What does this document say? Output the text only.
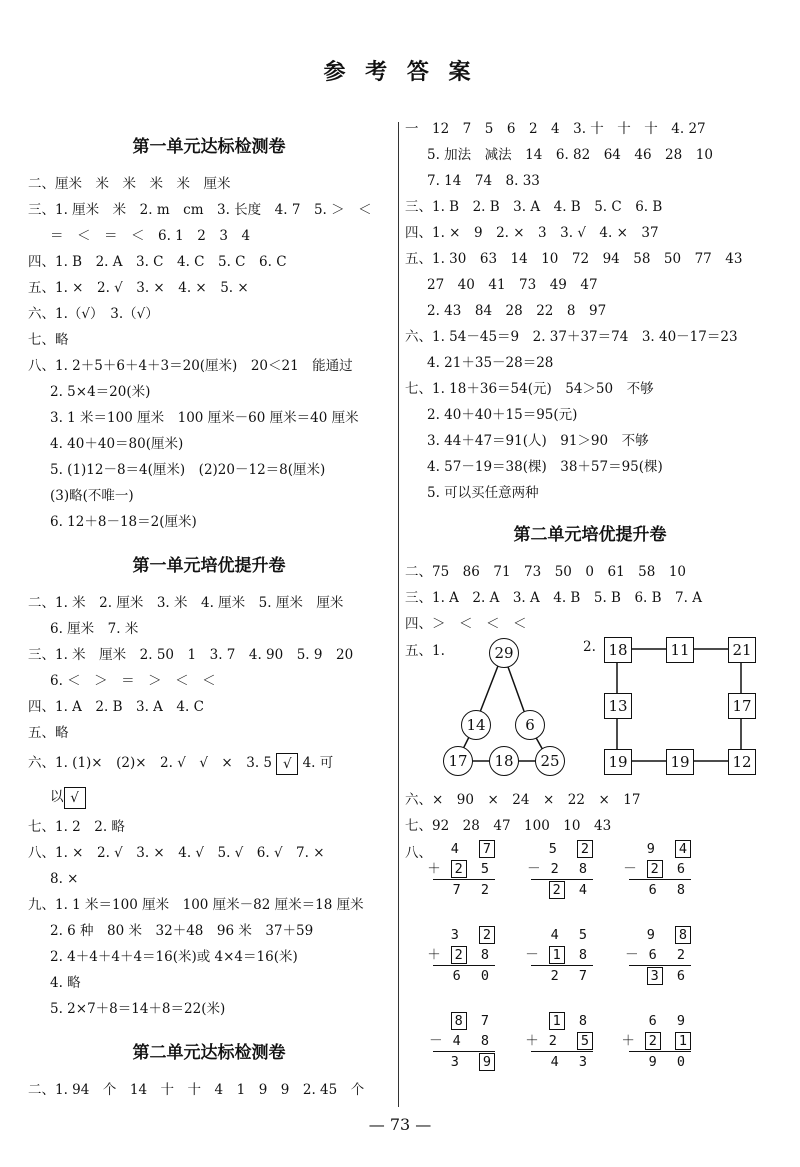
参 考 答 案
第一单元达标检测卷
二、厘米　米　米　米　米　厘米
三、1. 厘米　米　2. m　cm　3. 长度　4. 7　5. ＞　＜
＝　＜　＝　＜　6. 1　2　3　4
四、1. B　2. A　3. C　4. C　5. C　6. C
五、1. ×　2. √　3. ×　4. ×　5. ×
六、1.（√）　3.（√）
七、略
八、1. 2＋5＋6＋4＋3＝20(厘米)　20＜21　能通过
2. 5×4＝20(米)
3. 1 米＝100 厘米　100 厘米－60 厘米＝40 厘米
4. 40＋40＝80(厘米)
5. (1)12－8＝4(厘米)　(2)20－12＝8(厘米)
(3)略(不唯一)
6. 12＋8－18＝2(厘米)
第一单元培优提升卷
二、1. 米　2. 厘米　3. 米　4. 厘米　5. 厘米　厘米
6. 厘米　7. 米
三、1. 米　厘米　2. 50　1　3. 7　4. 90　5. 9　20
6. ＜　＞　＝　＞　＜　＜
四、1. A　2. B　3. A　4. C
五、略
六、1. (1)×　(2)×　2. √　√　×　3. 5 √ 4. 可
以 √
七、1. 2　2. 略
八、1. ×　2. √　3. ×　4. √　5. √　6. √　7. ×
8. ×
九、1. 1 米＝100 厘米　100 厘米－82 厘米＝18 厘米
2. 6 种　80 米　32＋48　96 米　37＋59
2. 4＋4＋4＋4＝16(米)或 4×4＝16(米)
4. 略
5. 2×7＋8＝14＋8＝22(米)
第二单元达标检测卷
二、1. 94　个　14　十　十　4　1　9　9　2. 45　个
一　12　7　5　6　2　4　3. 十　十　十　4. 27
5. 加法　减法　14　6. 82　64　46　28　10
7. 14　74　8. 33
三、1. B　2. B　3. A　4. B　5. C　6. B
四、1. ×　9　2. ×　3　3. √　4. ×　37
五、1. 30　63　14　10　72　94　58　50　77　43
27　40　41　73　49　47
2. 43　84　28　22　8　97
六、1. 54－45＝9　2. 37＋37＝74　3. 40－17＝23
4. 21＋35－28＝28
七、1. 18＋36＝54(元)　54＞50　不够
2. 40＋40＋15＝95(元)
3. 44＋47＝91(人)　91＞90　不够
4. 57－19＝38(棵)　38＋57＝95(棵)
5. 可以买任意两种
第二单元培优提升卷
二、75　86　71　73　50　0　61　58　10
三、1. A　2. A　3. A　4. B　5. B　6. B　7. A
四、＞　＜　＜　＜
五、1.	29
14	6
17	18	25
2. 18	11	21
13	17
19	19	12
六、×　90　×　24　×　22　×　17
七、92　28　47　100　10　43
八、	4 7
＋ 2 5
7 2
5 2
－2 8
2 4
9 4
－ 2 6
6 8
3 2
＋ 2 8
6 0
4 5
－ 1 8
2 7
9 8
－6 2
3 6
8 7
－4 8
3 9
1 8
＋2 5
4 3
6 9
＋ 2 1
9 0
— 73 —
